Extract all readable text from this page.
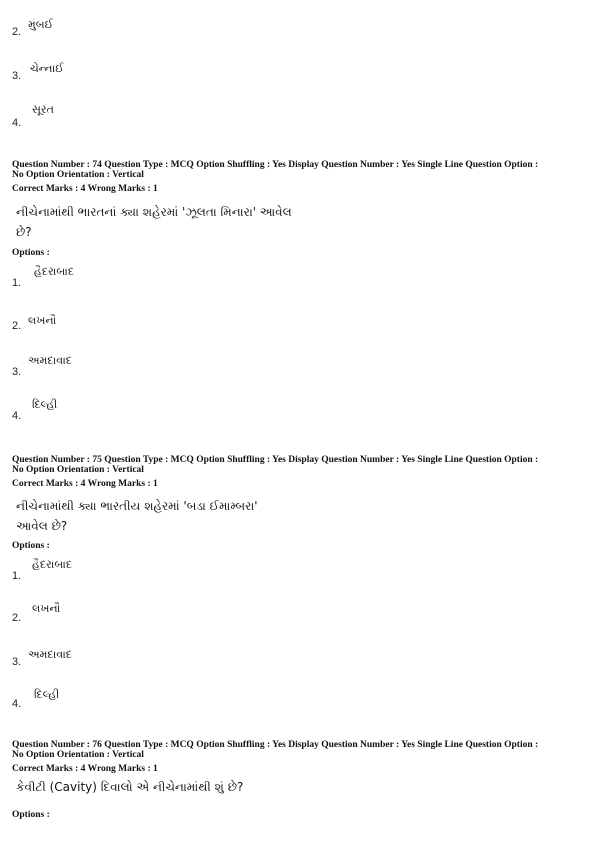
2.
મુંબઈ
3.
ચેન્નાઈ
4.
સૂરત
Question Number : 74 Question Type : MCQ Option Shuffling : Yes Display Question Number : Yes Single Line Question Option :
No Option Orientation : Vertical
Correct Marks : 4 Wrong Marks : 1
નીચેનામાંથી ભારતનાં ક્યા શહેરમાં 'ઝૂલતા મિનારા' આવેલ
છે?
Options :
1.
હૈદરાબાદ
2. લખનૌ
3.
અમદાવાદ
4.
દિલ્હી
Question Number : 75 Question Type : MCQ Option Shuffling : Yes Display Question Number : Yes Single Line Question Option :
No Option Orientation : Vertical
Correct Marks : 4 Wrong Marks : 1
નીચેનામાંથી ક્યા ભારતીય શહેરમાં 'બડા ઈમામ્બરા'
આવેલ છે?
Options :
1.
હૈદરાબાદ
2.
લખનૌ
3.
અમદાવાદ
4.
દિલ્હી
Question Number : 76 Question Type : MCQ Option Shuffling : Yes Display Question Number : Yes Single Line Question Option :
No Option Orientation : Vertical
Correct Marks : 4 Wrong Marks : 1
કેવીટી (Cavity) દિવાલો એ નીચેનામાંથી શું છે?
Options :
